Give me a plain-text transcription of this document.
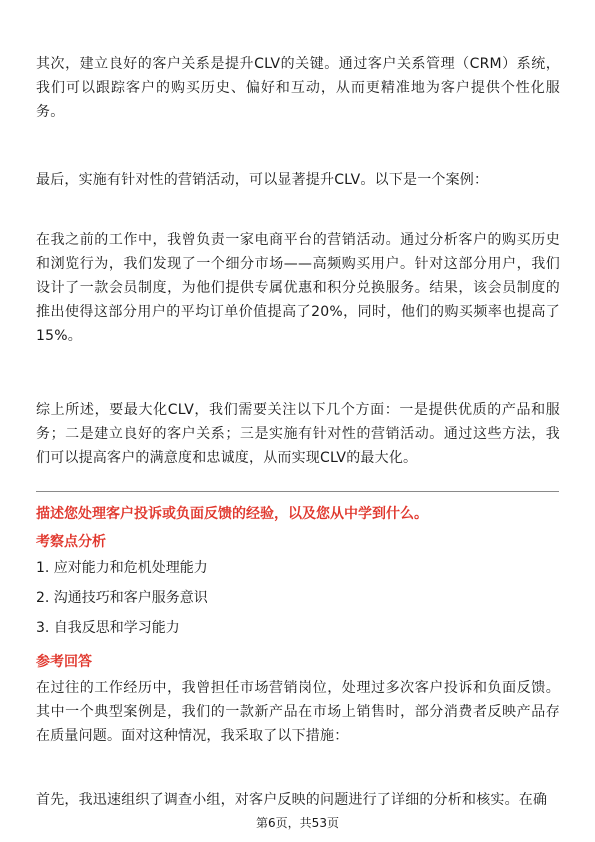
其次，建立良好的客户关系是提升CLV的关键。通过客户关系管理（CRM）系统，我们可以跟踪客户的购买历史、偏好和互动，从而更精准地为客户提供个性化服务。

最后，实施有针对性的营销活动，可以显著提升CLV。以下是一个案例：

在我之前的工作中，我曾负责一家电商平台的营销活动。通过分析客户的购买历史和浏览行为，我们发现了一个细分市场——高频购买用户。针对这部分用户，我们设计了一款会员制度，为他们提供专属优惠和积分兑换服务。结果，该会员制度的推出使得这部分用户的平均订单价值提高了20%，同时，他们的购买频率也提高了15%。

综上所述，要最大化CLV，我们需要关注以下几个方面：一是提供优质的产品和服务；二是建立良好的客户关系；三是实施有针对性的营销活动。通过这些方法，我们可以提高客户的满意度和忠诚度，从而实现CLV的最大化。

描述您处理客户投诉或负面反馈的经验，以及您从中学到什么。

考察点分析

1. 应对能力和危机处理能力

2. 沟通技巧和客户服务意识

3. 自我反思和学习能力

参考回答

在过往的工作经历中，我曾担任市场营销岗位，处理过多次客户投诉和负面反馈。其中一个典型案例是，我们的一款新产品在市场上销售时，部分消费者反映产品存在质量问题。面对这种情况，我采取了以下措施：

首先，我迅速组织了调查小组，对客户反映的问题进行了详细的分析和核实。在确

第6页，共53页
